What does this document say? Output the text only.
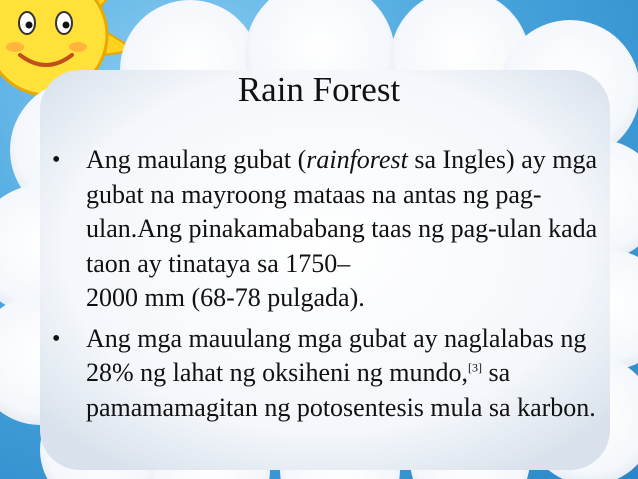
Rain Forest
• Ang maulang gubat (rainforest sa Ingles) ay mga gubat na mayroong mataas na antas ng pag-ulan.Ang pinakamababang taas ng pag-ulan kada taon ay tinataya sa 1750–
2000 mm (68-78 pulgada).
• Ang mga mauulang mga gubat ay naglalabas ng 28% ng lahat ng oksiheni ng mundo,[3] sa pamamamagitan ng potosentesis mula sa karbon.
